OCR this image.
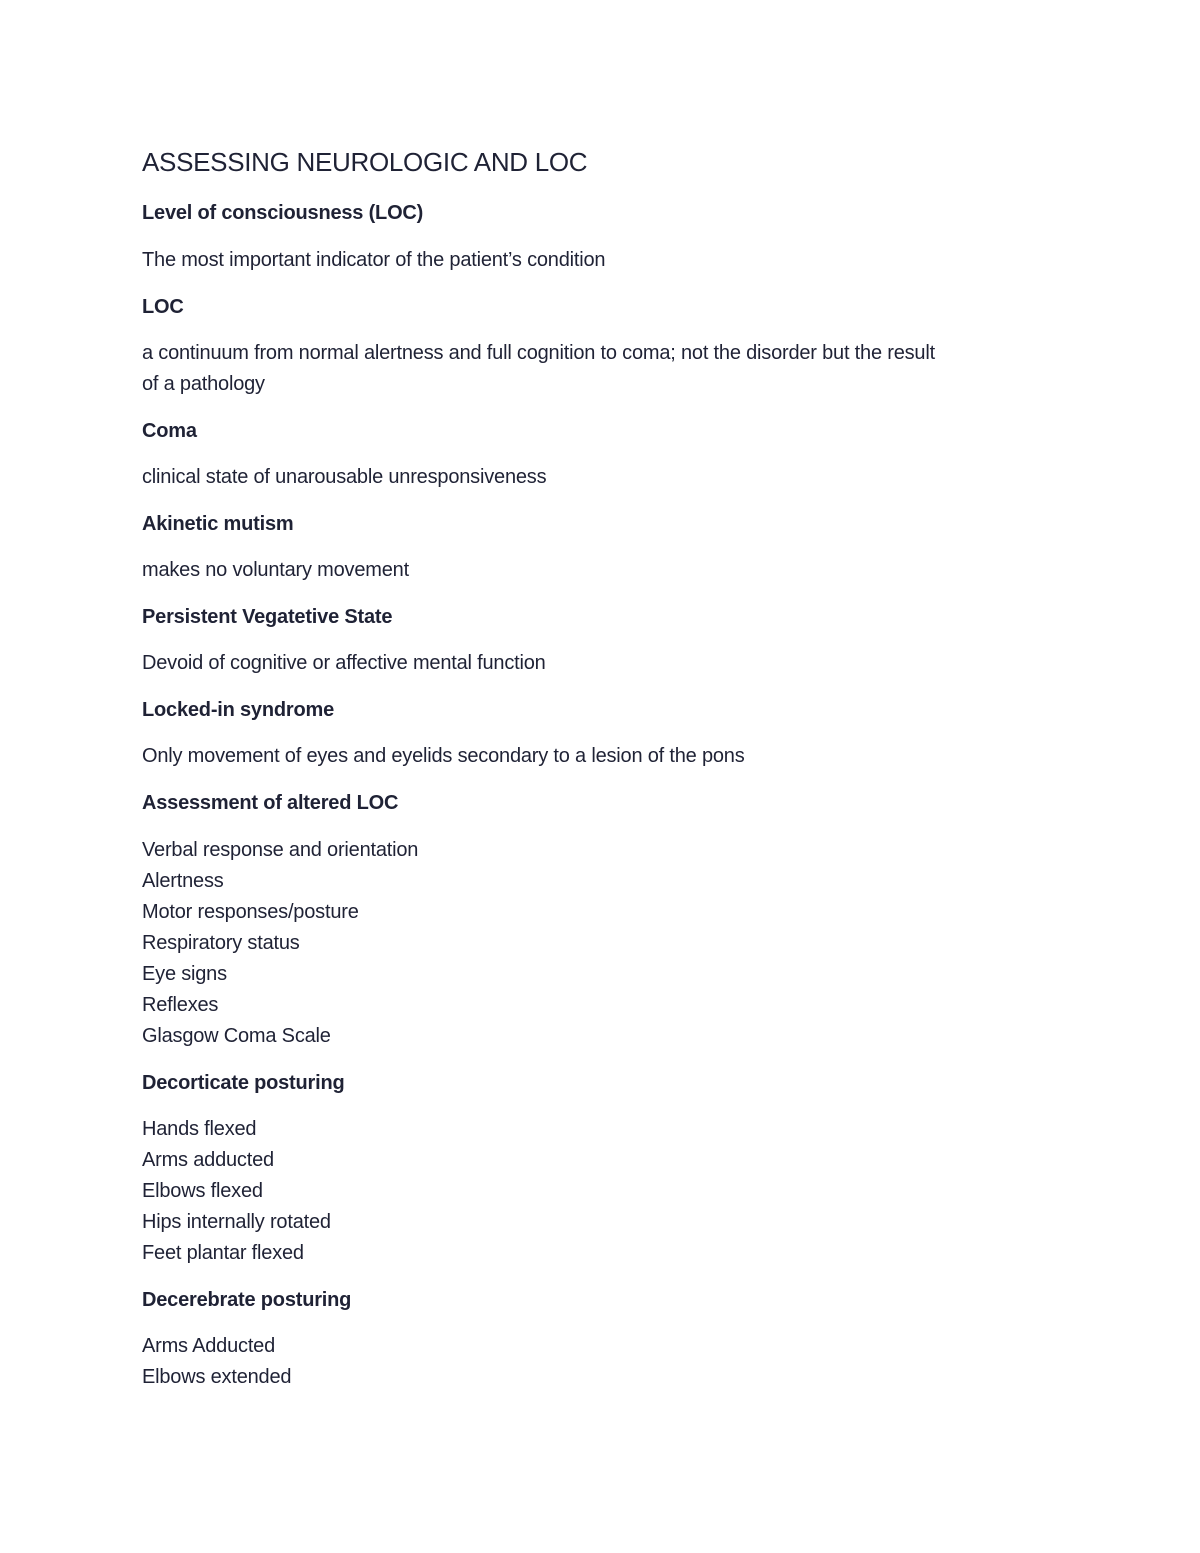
ASSESSING NEUROLOGIC AND LOC
Level of consciousness (LOC)
The most important indicator of the patient’s condition
LOC
a continuum from normal alertness and full cognition to coma; not the disorder but the result
of a pathology
Coma
clinical state of unarousable unresponsiveness
Akinetic mutism
makes no voluntary movement
Persistent Vegatetive State
Devoid of cognitive or affective mental function
Locked-in syndrome
Only movement of eyes and eyelids secondary to a lesion of the pons
Assessment of altered LOC
Verbal response and orientation
Alertness
Motor responses/posture
Respiratory status
Eye signs
Reflexes
Glasgow Coma Scale
Decorticate posturing
Hands flexed
Arms adducted
Elbows flexed
Hips internally rotated
Feet plantar flexed
Decerebrate posturing
Arms Adducted
Elbows extended
